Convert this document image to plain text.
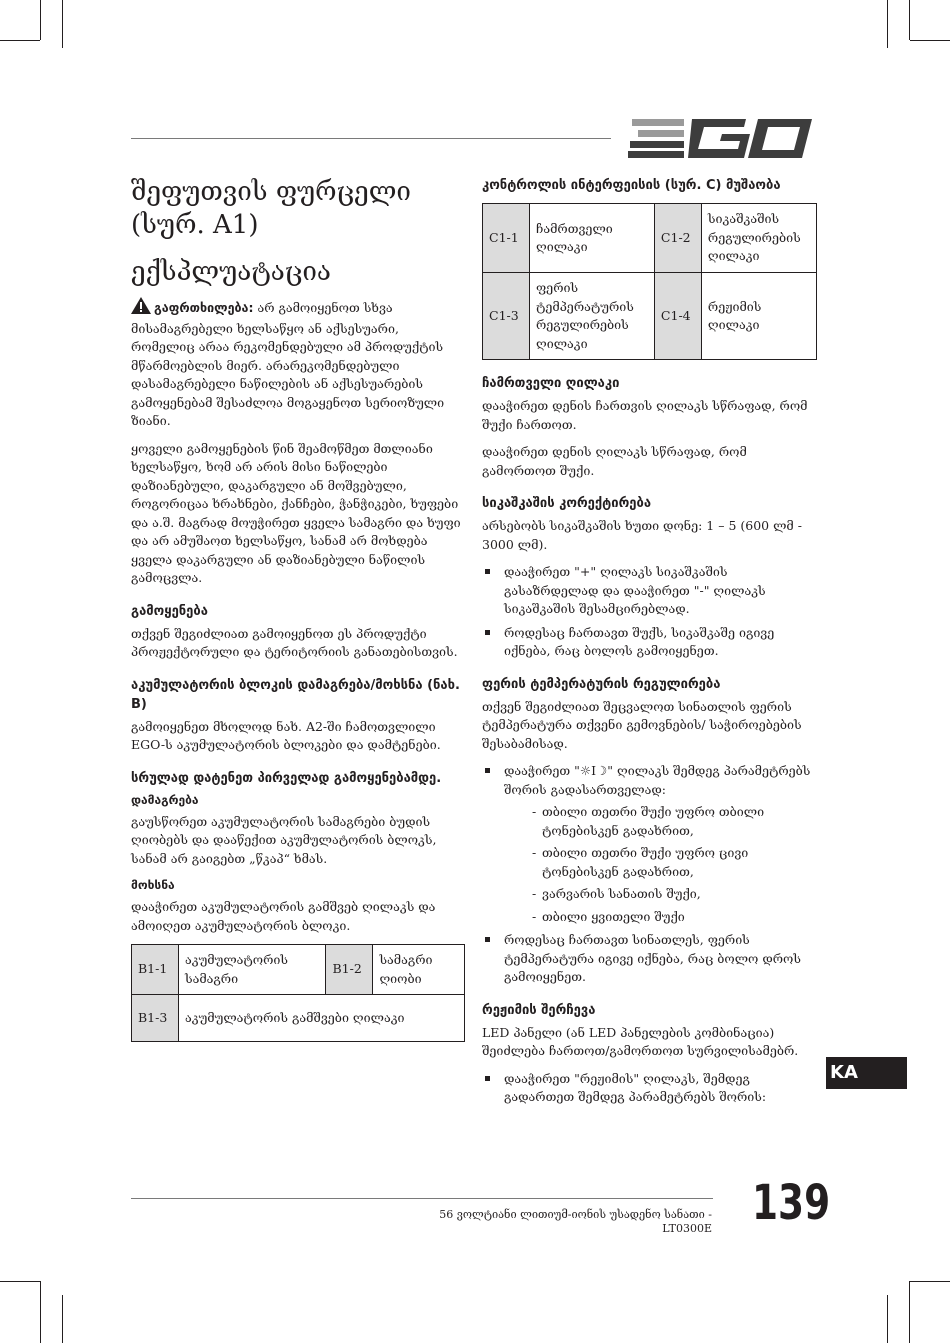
შეფუთვის ფურცელი (სურ. A1)
ექსპლუატაცია

გაფრთხილება: არ გამოიყენოთ სხვა მისამაგრებელი ხელსაწყო ან აქსესუარი, რომელიც არაა რეკომენდებული ამ პროდუქტის მწარმოებლის მიერ. არარეკომენდებული დასამაგრებელი ნაწილების ან აქსესუარების გამოყენებამ შესაძლოა მოგაყენოთ სერიოზული ზიანი.

ყოველი გამოყენების წინ შეამოწმეთ მთლიანი ხელსაწყო, ხომ არ არის მისი ნაწილები დაზიანებული, დაკარგული ან მოშვებული, როგორიცაა ხრახნები, ქანჩები, ჭანჭიკები, ხუფები და ა.შ. მაგრად მოუჭირეთ ყველა სამაგრი და ხუფი და არ ამუშაოთ ხელსაწყო, სანამ არ მოხდება ყველა დაკარგული ან დაზიანებული ნაწილის გამოცვლა.

გამოყენება

თქვენ შეგიძლიათ გამოიყენოთ ეს პროდუქტი პროჟექტორული და ტერიტორიის განათებისთვის.

აკუმულატორის ბლოკის დამაგრება/მოხსნა (ნახ. B)

გამოიყენეთ მხოლოდ ნახ. A2-ში ჩამოთვლილი EGO-ს აკუმულატორის ბლოკები და დამტენები.

სრულად დატენეთ პირველად გამოყენებამდე.
დამაგრება

გაუსწორეთ აკუმულატორის სამაგრები ბუდის ღიობებს და დააწექით აკუმულატორის ბლოკს, სანამ არ გაიგებთ „წკაპ“ ხმას.

მოხსნა

დააჭირეთ აკუმულატორის გამშვებ ღილაკს და ამოიღეთ აკუმულატორის ბლოკი.

B1-1	აკუმულატორის სამაგრი	B1-2	სამაგრი ღიობი
B1-3	აკუმულატორის გამშვები ღილაკი		
კონტროლის ინტერფეისის (სურ. C) მუშაობა
C1-1	ჩამრთველი ღილაკი	C1-2	სიკაშკაშის რეგულირების ღილაკი
C1-3	ფერის ტემპერატურის რეგულირების ღილაკი	C1-4	რეჟიმის ღილაკი
ჩამრთველი ღილაკი

დააჭირეთ დენის ჩართვის ღილაკს სწრაფად, რომ შუქი ჩართოთ.

დააჭირეთ დენის ღილაკს სწრაფად, რომ გამორთოთ შუქი.

სიკაშკაშის კორექტირება

არსებობს სიკაშკაშის ხუთი დონე: 1 – 5 (600 ლმ - 3000 ლმ).

დააჭირეთ "+" ღილაკს სიკაშკაშის გასაზრდელად და დააჭირეთ "-" ღილაკს სიკაშკაშის შესამცირებლად.
როდესაც ჩართავთ შუქს, სიკაშკაშე იგივე იქნება, რაც ბოლოს გამოიყენეთ.
ფერის ტემპერატურის რეგულირება

თქვენ შეგიძლიათ შეცვალოთ სინათლის ფერის ტემპერატურა თქვენი გემოვნების/ საჭიროებების შესაბამისად.

დააჭირეთ "☼I☽" ღილაკს შემდეგ პარამეტრებს შორის გადასართველად:
- თბილი თეთრი შუქი უფრო თბილი ტონებისკენ გადახრით,
- თბილი თეთრი შუქი უფრო ცივი ტონებისკენ გადახრით,
- ვარვარის სანათის შუქი,
- თბილი ყვითელი შუქი
როდესაც ჩართავთ სინათლეს, ფერის ტემპერატურა იგივე იქნება, რაც ბოლო დროს გამოიყენეთ.
რეჟიმის შერჩევა

LED პანელი (ან LED პანელების კომბინაცია) შეიძლება ჩართოთ/გამორთოთ სურვილისამებრ.

დააჭირეთ "რეჟიმის" ღილაკს, შემდეგ გადართეთ შემდეგ პარამეტრებს შორის:
KA
56 ვოლტიანი ლითიუმ-იონის უსადენო სანათი - LT0300E 139
